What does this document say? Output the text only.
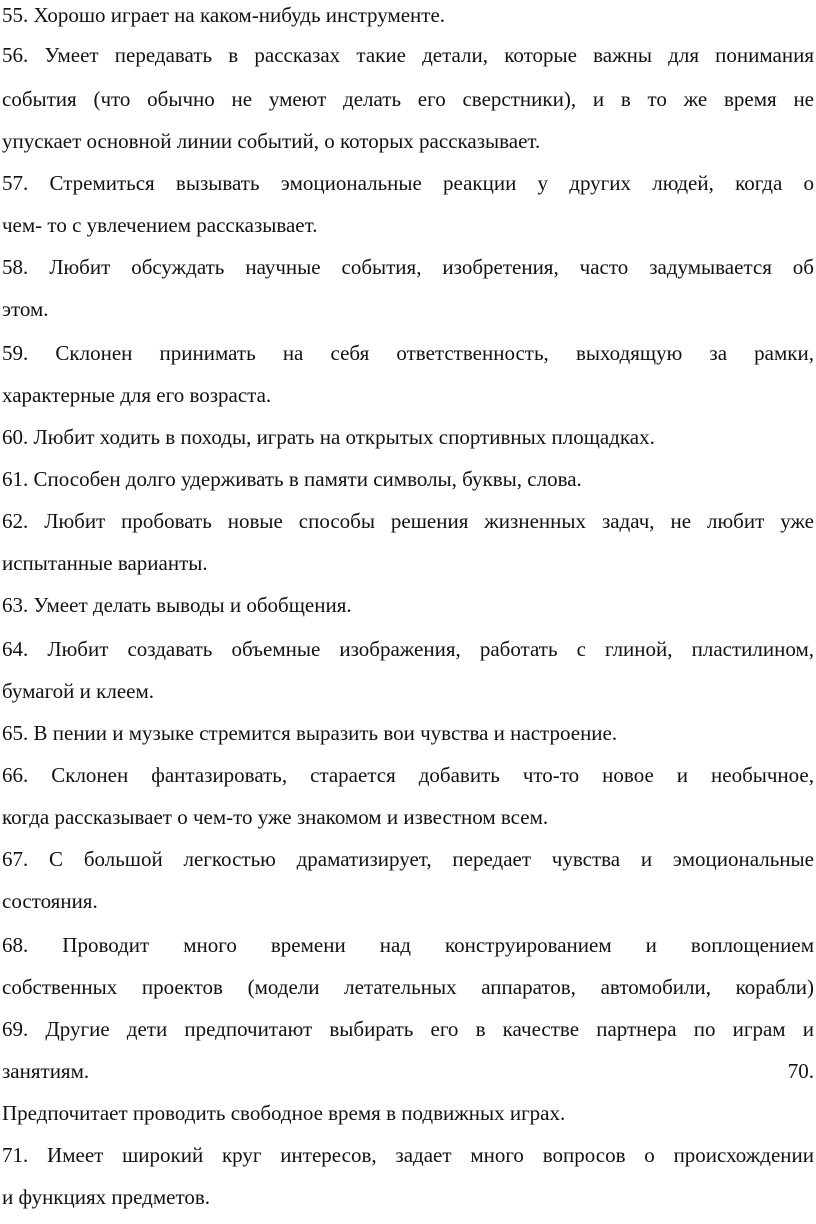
55. Хорошо играет на каком-нибудь инструменте.
56. Умеет передавать в рассказах такие детали, которые важны для понимания
события (что обычно не умеют делать его сверстники), и в то же время не
упускает основной линии событий, о которых рассказывает.
57. Стремиться вызывать эмоциональные реакции у других людей, когда о
чем- то с увлечением рассказывает.
58. Любит обсуждать научные события, изобретения, часто задумывается об
этом.
59. Склонен принимать на себя ответственность, выходящую за рамки,
характерные для его возраста.
60. Любит ходить в походы, играть на открытых спортивных площадках.
61. Способен долго удерживать в памяти символы, буквы, слова.
62. Любит пробовать новые способы решения жизненных задач, не любит уже
испытанные варианты.
63. Умеет делать выводы и обобщения.
64. Любит создавать объемные изображения, работать с глиной, пластилином,
бумагой и клеем.
65. В пении и музыке стремится выразить вои чувства и настроение.
66. Склонен фантазировать, старается добавить что-то новое и необычное,
когда рассказывает о чем-то уже знакомом и известном всем.
67. С большой легкостью драматизирует, передает чувства и эмоциональные
состояния.
68. Проводит много времени над конструированием и воплощением
собственных проектов (модели летательных аппаратов, автомобили, корабли)
69. Другие дети предпочитают выбирать его в качестве партнера по играм и
занятиям.	70.
Предпочитает проводить свободное время в подвижных играх.
71. Имеет широкий круг интересов, задает много вопросов о происхождении
и функциях предметов.
